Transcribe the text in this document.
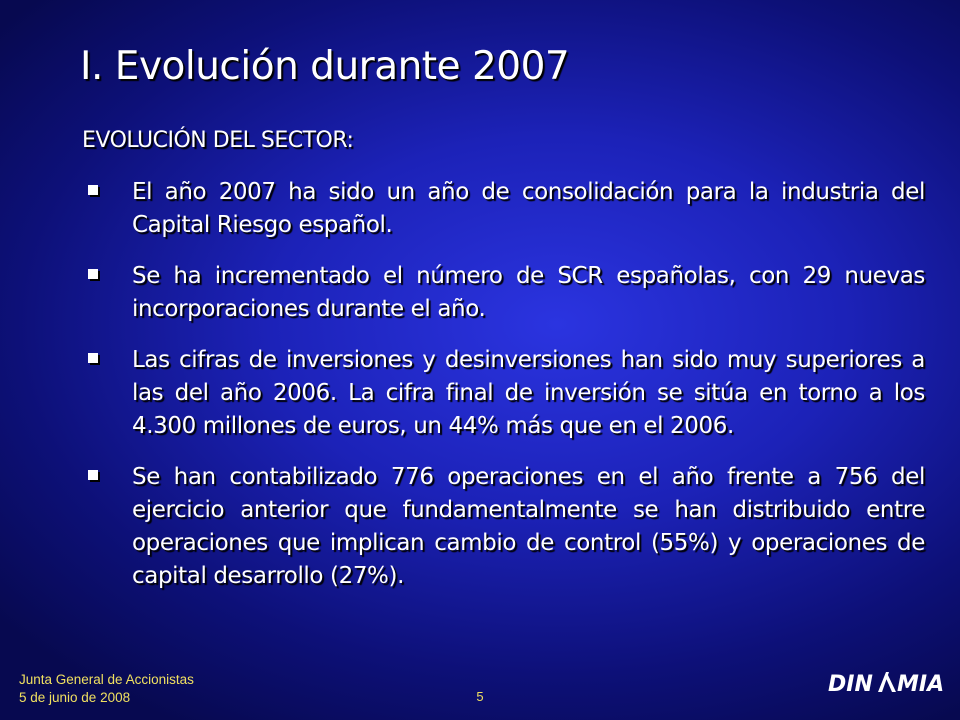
I. Evolución durante 2007
EVOLUCIÓN DEL SECTOR:
El año 2007 ha sido un año de consolidación para la industria del Capital Riesgo español.
Se ha incrementado el número de SCR españolas, con 29 nuevas incorporaciones durante el año.
Las cifras de inversiones y desinversiones han sido muy superiores a las del año 2006. La cifra final de inversión se sitúa en torno a los 4.300 millones de euros, un 44% más que en el 2006.
Se han contabilizado 776 operaciones en el año frente a 756 del ejercicio anterior que fundamentalmente se han distribuido entre operaciones que implican cambio de control (55%) y operaciones de capital desarrollo (27%).
Junta General de Accionistas
5 de junio de 2008	5	DIN MIA
